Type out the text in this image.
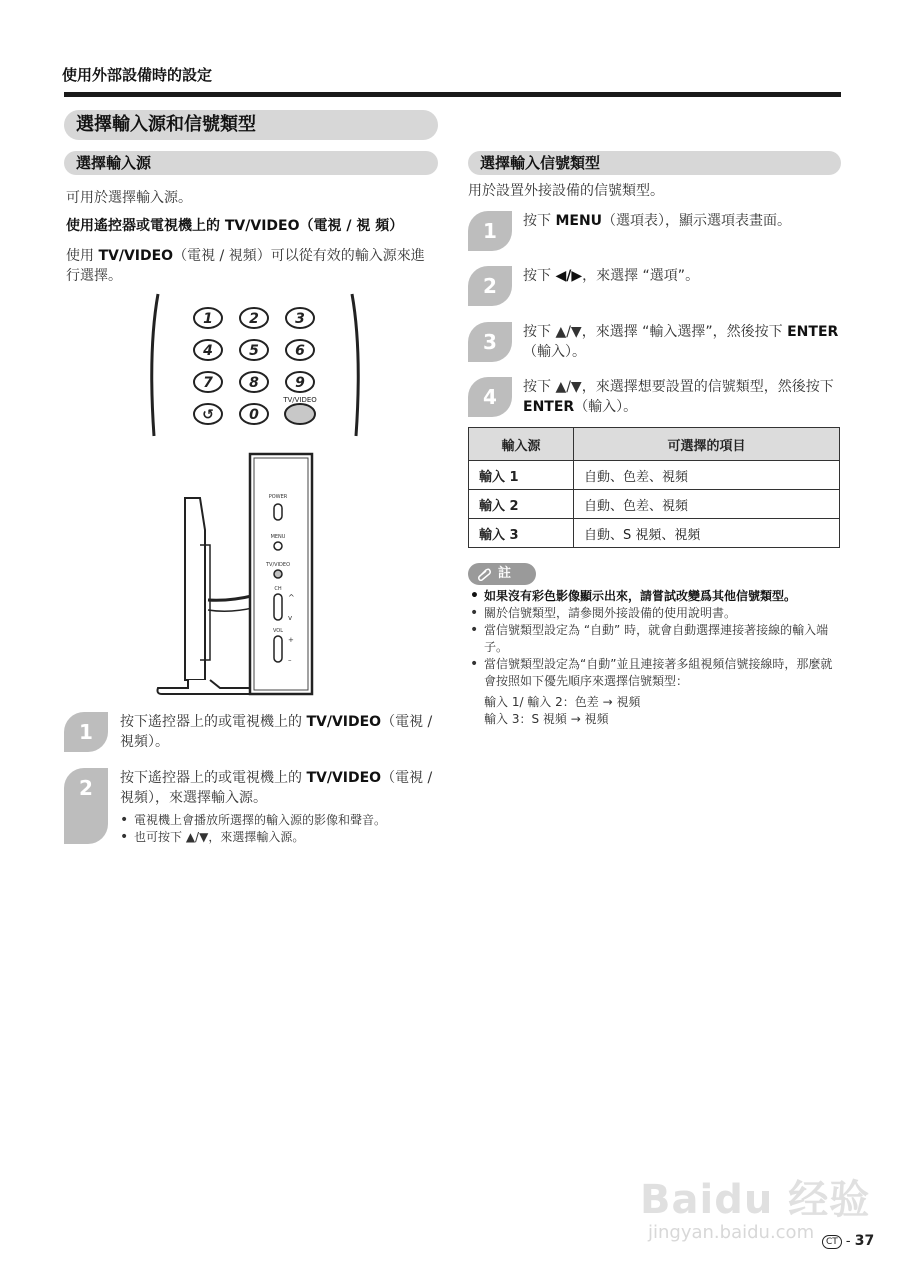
使用外部設備時的設定
選擇輸入源和信號類型
選擇輸入源
可用於選擇輸入源。
使用遙控器或電視機上的 TV/VIDEO（電視 / 視 頻）
使用 TV/VIDEO（電視 / 視頻）可以從有效的輸入源來進行選擇。
1	2	3
4	5	6
7	8	9
↺	0
TV/VIDEO
POWER
MENU
TV/VIDEO
CH
VOL
^
v
+
–
1	按下遙控器上的或電視機上的 TV/VIDEO（電視 / 視頻）。
2	按下遙控器上的或電視機上的 TV/VIDEO（電視 / 視頻），來選擇輸入源。
• 電視機上會播放所選擇的輸入源的影像和聲音。
• 也可按下 ▲/▼，來選擇輸入源。
選擇輸入信號類型
用於設置外接設備的信號類型。
1	按下 MENU（選項表），顯示選項表畫面。
2	按下 ◀/▶，來選擇 “選項”。
3	按下 ▲/▼，來選擇 “輸入選擇”，然後按下 ENTER（輸入）。
4	按下 ▲/▼，來選擇想要設置的信號類型，然後按下 ENTER（輸入）。
輸入源	可選擇的項目
輸入 1	自動、色差、視頻
輸入 2	自動、色差、視頻
輸入 3	自動、S 視頻、視頻
註
• 如果沒有彩色影像顯示出來，請嘗試改變爲其他信號類型。
• 關於信號類型，請參閱外接設備的使用說明書。
• 當信號類型設定為 “自動” 時，就會自動選擇連接著接線的輸入端子。
• 當信號類型設定為“自動”並且連接著多組視頻信號接線時，那麼就會按照如下優先順序來選擇信號類型：
輸入 1/ 輸入 2：色差 → 視頻
輸入 3：S 視頻 → 視頻
Baidu 经验
jingyan.baidu.com	CT - 37
